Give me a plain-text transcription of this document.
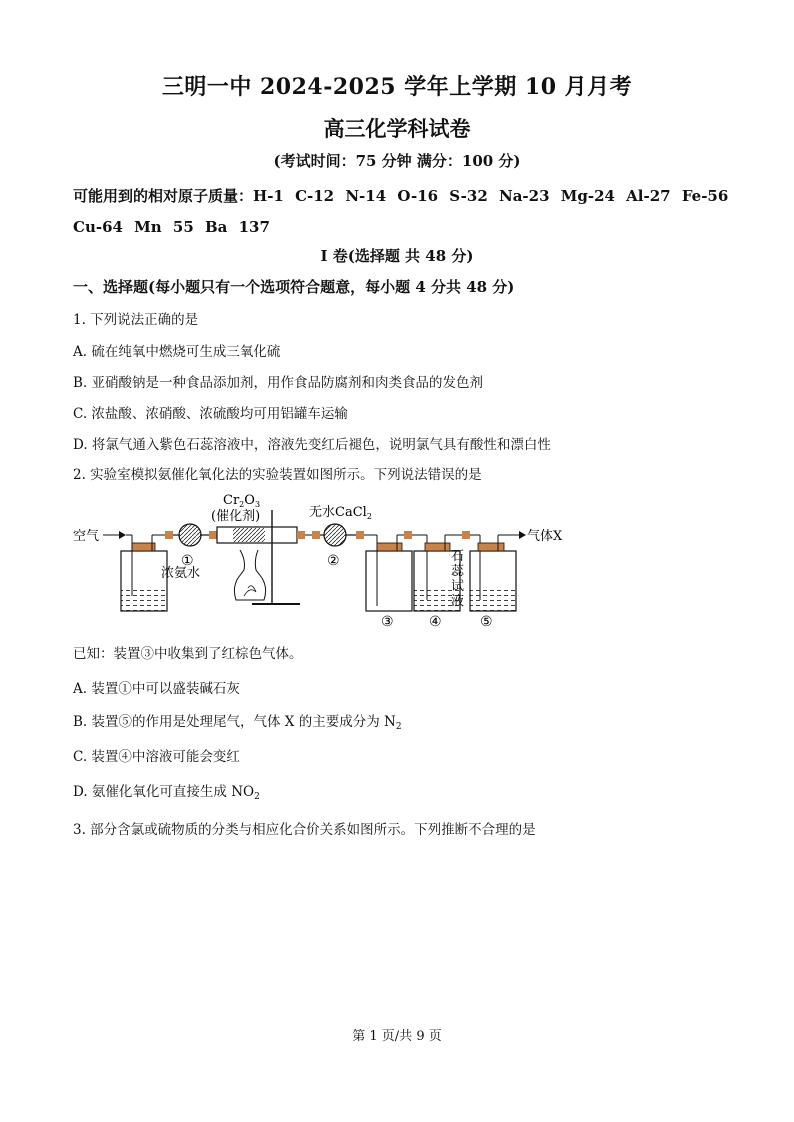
三明一中 2024-2025 学年上学期 10 月月考
高三化学科试卷
(考试时间：75 分钟 满分：100 分)
可能用到的相对原子质量：H-1 C-12 N-14 O-16 S-32 Na-23 Mg-24 Al-27 Fe-56
Cu-64 Mn 55 Ba 137
I 卷(选择题 共 48 分)
一、选择题(每小题只有一个选项符合题意，每小题 4 分共 48 分)
1. 下列说法正确的是
A. 硫在纯氧中燃烧可生成三氧化硫
B. 亚硝酸钠是一种食品添加剂，用作食品防腐剂和肉类食品的发色剂
C. 浓盐酸、浓硝酸、浓硫酸均可用铝罐车运输
D. 将氯气通入紫色石蕊溶液中，溶液先变红后褪色，说明氯气具有酸性和漂白性
2. 实验室模拟氨催化氧化法的实验装置如图所示。下列说法错误的是
空气
浓氨水
①
$Cr_2O_3$
(催化剂)	无水CaCl$_2$
②
③	④
石
蕊
试
液
气体X
⑤
已知：装置③中收集到了红棕色气体。
A. 装置①中可以盛装碱石灰
B. 装置⑤的作用是处理尾气，气体 X 的主要成分为 $N_2$
C. 装置④中溶液可能会变红
D. 氨催化氧化可直接生成 $NO_2$
3. 部分含氯或硫物质的分类与相应化合价关系如图所示。下列推断不合理的是
第 1 页/共 9 页
